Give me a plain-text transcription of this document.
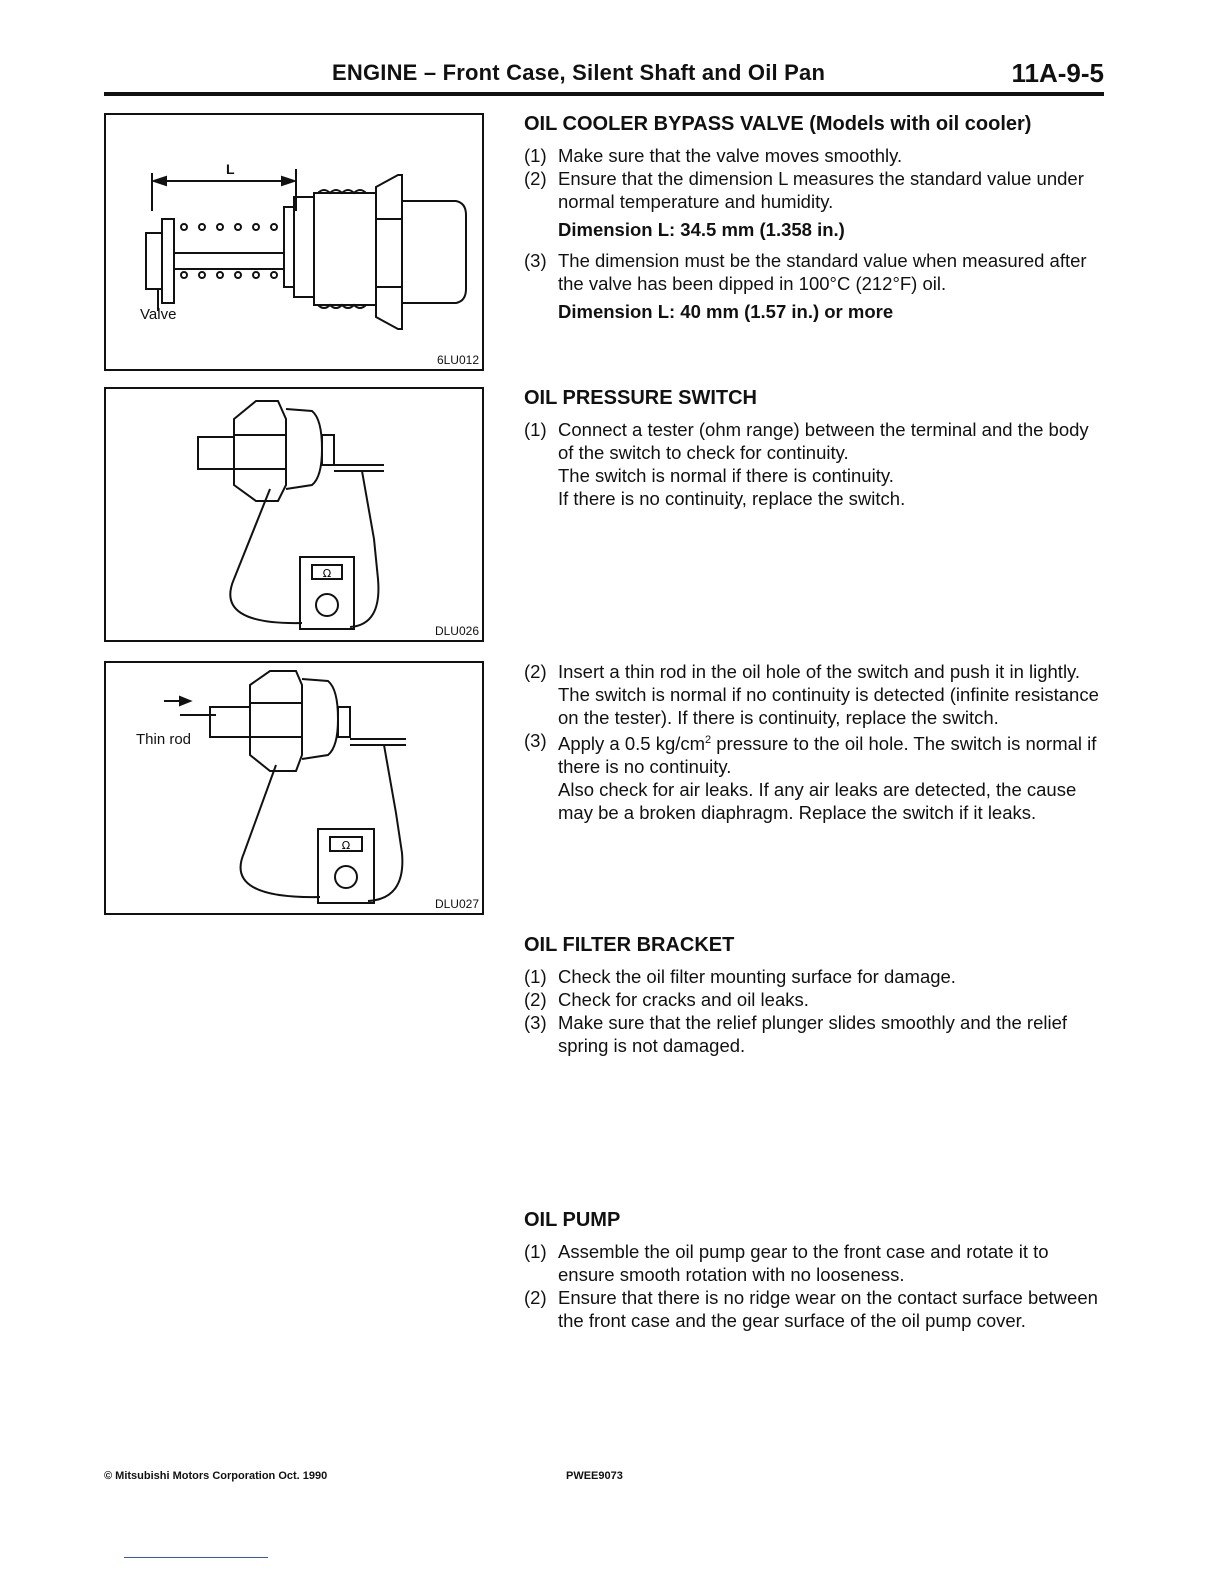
ENGINE – Front Case, Silent Shaft and Oil Pan	11A-9-5
L
Valve
6LU012
Ω
DLU026
Ω
Thin rod
DLU027
OIL COOLER BYPASS VALVE (Models with oil cooler)

(1) Make sure that the valve moves smoothly.

(2) Ensure that the dimension L measures the standard value under normal temperature and humidity.

Dimension L: 34.5 mm (1.358 in.)

(3) The dimension must be the standard value when measured after the valve has been dipped in 100°C (212°F) oil.

Dimension L: 40 mm (1.57 in.) or more
OIL PRESSURE SWITCH

(1) Connect a tester (ohm range) between the terminal and the body of the switch to check for continuity.
The switch is normal if there is continuity.
If there is no continuity, replace the switch.

(2) Insert a thin rod in the oil hole of the switch and push it in lightly. The switch is normal if no continuity is detected (infinite resistance on the tester). If there is continuity, replace the switch.

(3) Apply a 0.5 $kg/cm^2$ pressure to the oil hole. The switch is normal if there is no continuity.
Also check for air leaks. If any air leaks are detected, the cause may be a broken diaphragm. Replace the switch if it leaks.

OIL FILTER BRACKET

(1) Check the oil filter mounting surface for damage.

(2) Check for cracks and oil leaks.

(3) Make sure that the relief plunger slides smoothly and the relief spring is not damaged.

OIL PUMP

(1) Assemble the oil pump gear to the front case and rotate it to ensure smooth rotation with no looseness.

(2) Ensure that there is no ridge wear on the contact surface between the front case and the gear surface of the oil pump cover.

© Mitsubishi Motors Corporation Oct. 1990	PWEE9073
